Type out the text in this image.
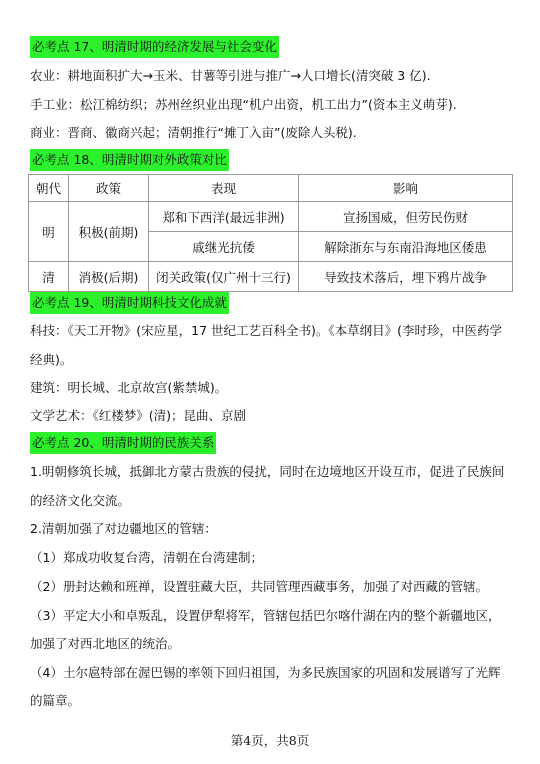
必考点 17、明清时期的经济发展与社会变化
农业：耕地面积扩大→玉米、甘薯等引进与推广→人口增长(清突破 3 亿).
手工业：松江棉纺织；苏州丝织业出现“机户出资，机工出力”(资本主义萌芽).
商业：晋商、徽商兴起；清朝推行“摊丁入亩”(废除人头税).
必考点 18、明清时期对外政策对比
朝代	政策	表现	影响
明	积极(前期)	郑和下西洋(最远非洲)	宣扬国威，但劳民伤财
		戚继光抗倭	解除浙东与东南沿海地区倭患
清	消极(后期)	闭关政策(仅广州十三行)	导致技术落后，埋下鸦片战争
必考点 19、明清时期科技文化成就
科技：《天工开物》(宋应星，17 世纪工艺百科全书)。《本草纲目》(李时珍，中医药学
经典)。
建筑：明长城、北京故宫(紫禁城)。
文学艺术：《红楼梦》(清)；昆曲、京剧
必考点 20、明清时期的民族关系
1.明朝修筑长城，抵御北方蒙古贵族的侵扰，同时在边境地区开设互市，促进了民族间
的经济文化交流。
2.清朝加强了对边疆地区的管辖：
（1）郑成功收复台湾，清朝在台湾建制；
（2）册封达赖和班禅，设置驻藏大臣，共同管理西藏事务，加强了对西藏的管辖。
（3）平定大小和卓叛乱，设置伊犁将军，管辖包括巴尔喀什湖在内的整个新疆地区，
加强了对西北地区的统治。
（4）土尔扈特部在渥巴锡的率领下回归祖国，为多民族国家的巩固和发展谱写了光辉
的篇章。
第4页，共8页
